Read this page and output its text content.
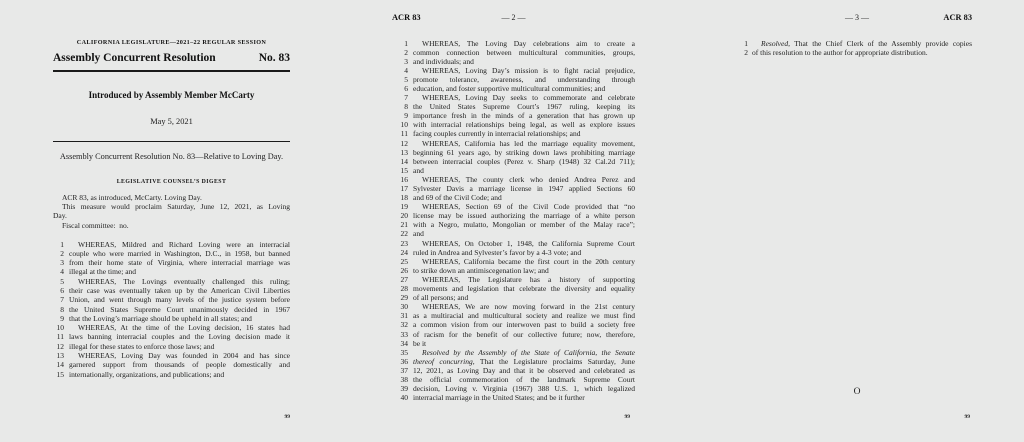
CALIFORNIA LEGISLATURE—2021–22 REGULAR SESSION
Assembly Concurrent Resolution	No. 83
Introduced by Assembly Member McCarty
May 5, 2021
Assembly Concurrent Resolution No. 83—Relative to Loving Day.
LEGISLATIVE COUNSEL’S DIGEST
ACR 83, as introduced, McCarty. Loving Day.
This measure would proclaim Saturday, June 12, 2021, as Loving
Day.
Fiscal committee:  no.
1	WHEREAS, Mildred and Richard Loving were an interracial
2 couple who were married in Washington, D.C., in 1958, but banned
3 from their home state of Virginia, where interracial marriage was
4 illegal at the time; and
5	WHEREAS, The Lovings eventually challenged this ruling;
6 their case was eventually taken up by the American Civil Liberties
7 Union, and went through many levels of the justice system before
8 the United States Supreme Court unanimously decided in 1967
9 that the Loving’s marriage should be upheld in all states; and
10	WHEREAS, At the time of the Loving decision, 16 states had
11 laws banning interracial couples and the Loving decision made it
12 illegal for these states to enforce those laws; and
13	WHEREAS, Loving Day was founded in 2004 and has since
14 garnered support from thousands of people domestically and
15 internationally, organizations, and publications; and
99
ACR 83	— 2 —
1	WHEREAS, The Loving Day celebrations aim to create a
2 common connection between multicultural communities, groups,
3 and individuals; and
4	WHEREAS, Loving Day’s mission is to fight racial prejudice,
5 promote tolerance, awareness, and understanding through
6 education, and foster supportive multicultural communities; and
7	WHEREAS, Loving Day seeks to commemorate and celebrate
8 the United States Supreme Court’s 1967 ruling, keeping its
9 importance fresh in the minds of a generation that has grown up
10 with interracial relationships being legal, as well as explore issues
11 facing couples currently in interracial relationships; and
12	WHEREAS, California has led the marriage equality movement,
13 beginning 61 years ago, by striking down laws prohibiting marriage
14 between interracial couples (Perez v. Sharp (1948) 32 Cal.2d 711);
15 and
16	WHEREAS, The county clerk who denied Andrea Perez and
17 Sylvester Davis a marriage license in 1947 applied Sections 60
18 and 69 of the Civil Code; and
19	WHEREAS, Section 69 of the Civil Code provided that “no
20 license may be issued authorizing the marriage of a white person
21 with a Negro, mulatto, Mongolian or member of the Malay race”;
22 and
23	WHEREAS, On October 1, 1948, the California Supreme Court
24 ruled in Andrea and Sylvester’s favor by a 4-3 vote; and
25	WHEREAS, California became the first court in the 20th century
26 to strike down an antimiscegenation law; and
27	WHEREAS, The Legislature has a history of supporting
28 movements and legislation that celebrate the diversity and equality
29 of all persons; and
30	WHEREAS, We are now moving forward in the 21st century
31 as a multiracial and multicultural society and realize we must find
32 a common vision from our interwoven past to build a society free
33 of racism for the benefit of our collective future; now, therefore,
34 be it
35	Resolved by the Assembly of the State of California, the Senate
36 thereof concurring, That the Legislature proclaims Saturday, June
37 12, 2021, as Loving Day and that it be observed and celebrated as
38 the official commemoration of the landmark Supreme Court
39 decision, Loving v. Virginia (1967) 388 U.S. 1, which legalized
40 interracial marriage in the United States; and be it further
99
— 3 —	ACR 83
1	Resolved, That the Chief Clerk of the Assembly provide copies
2 of this resolution to the author for appropriate distribution.
O
99
